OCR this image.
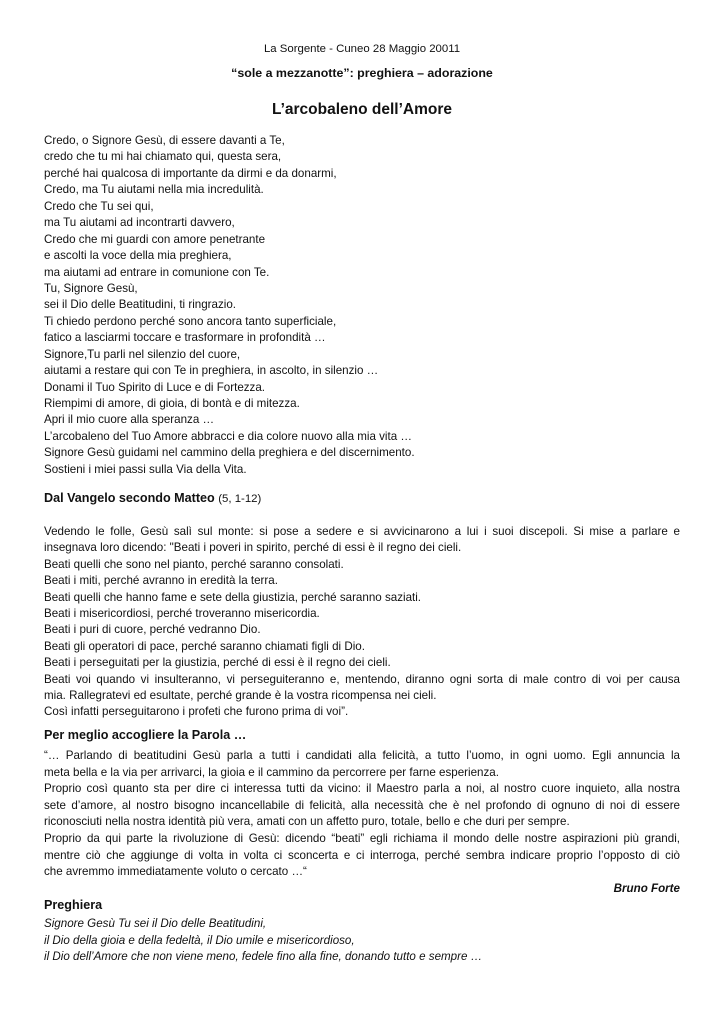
La Sorgente - Cuneo 28 Maggio 20011
“sole a mezzanotte”: preghiera – adorazione
L’arcobaleno dell’Amore
Credo, o Signore Gesù, di essere davanti a Te,
credo che tu mi hai chiamato qui, questa sera,
perché hai qualcosa di importante da dirmi e da donarmi,
Credo, ma Tu aiutami nella mia incredulità.
Credo che Tu sei qui,
ma Tu aiutami ad incontrarti davvero,
Credo che mi guardi con amore penetrante
e ascolti la voce della mia preghiera,
ma aiutami ad entrare in comunione con Te.
Tu, Signore Gesù,
sei il Dio delle Beatitudini, ti ringrazio.
Ti chiedo perdono perché sono ancora tanto superficiale,
fatico a lasciarmi toccare e trasformare in profondità …
Signore,Tu parli nel silenzio del cuore,
aiutami a restare qui con Te in preghiera, in ascolto, in silenzio …
Donami il Tuo Spirito di Luce e di Fortezza.
Riempimi di amore, di gioia, di bontà e di mitezza.
Apri il mio cuore alla speranza …
L’arcobaleno del Tuo Amore abbracci e dia colore nuovo alla mia vita …
Signore Gesù guidami nel cammino della preghiera e del discernimento.
Sostieni i miei passi sulla Via della Vita.
Dal Vangelo secondo Matteo (5, 1-12)
Vedendo le folle, Gesù salì sul monte: si pose a sedere e si avvicinarono a lui i suoi discepoli. Si mise a parlare e
insegnava loro dicendo: "Beati i poveri in spirito, perché di essi è il regno dei cieli.
Beati quelli che sono nel pianto, perché saranno consolati.
Beati i miti, perché avranno in eredità la terra.
Beati quelli che hanno fame e sete della giustizia, perché saranno saziati.
Beati i misericordiosi, perché troveranno misericordia.
Beati i puri di cuore, perché vedranno Dio.
Beati gli operatori di pace, perché saranno chiamati figli di Dio.
Beati i perseguitati per la giustizia, perché di essi è il regno dei cieli.
Beati voi quando vi insulteranno, vi perseguiteranno e, mentendo, diranno ogni sorta di male contro di voi per causa
mia. Rallegratevi ed esultate, perché grande è la vostra ricompensa nei cieli.
Così infatti perseguitarono i profeti che furono prima di voi”.
Per meglio accogliere la Parola …
“… Parlando di beatitudini Gesù parla a tutti i candidati alla felicità, a tutto l’uomo, in ogni uomo. Egli annuncia la
meta bella e la via per arrivarci, la gioia e il cammino da percorrere per farne esperienza.
Proprio così quanto sta per dire ci interessa tutti da vicino: il Maestro parla a noi, al nostro cuore inquieto, alla nostra
sete d’amore, al nostro bisogno incancellabile di felicità, alla necessità che è nel profondo di ognuno di noi di essere
riconosciuti nella nostra identità più vera, amati con un affetto puro, totale, bello e che duri per sempre.
Proprio da qui parte la rivoluzione di Gesù: dicendo “beati” egli richiama il mondo delle nostre aspirazioni più grandi,
mentre ciò che aggiunge di volta in volta ci sconcerta e ci interroga, perché sembra indicare proprio l’opposto di ciò
che avremmo immediatamente voluto o cercato …“
Bruno Forte
Preghiera
Signore Gesù Tu sei il Dio delle Beatitudini,
il Dio della gioia e della fedeltà, il Dio umile e misericordioso,
il Dio dell’Amore che non viene meno, fedele fino alla fine, donando tutto e sempre …
